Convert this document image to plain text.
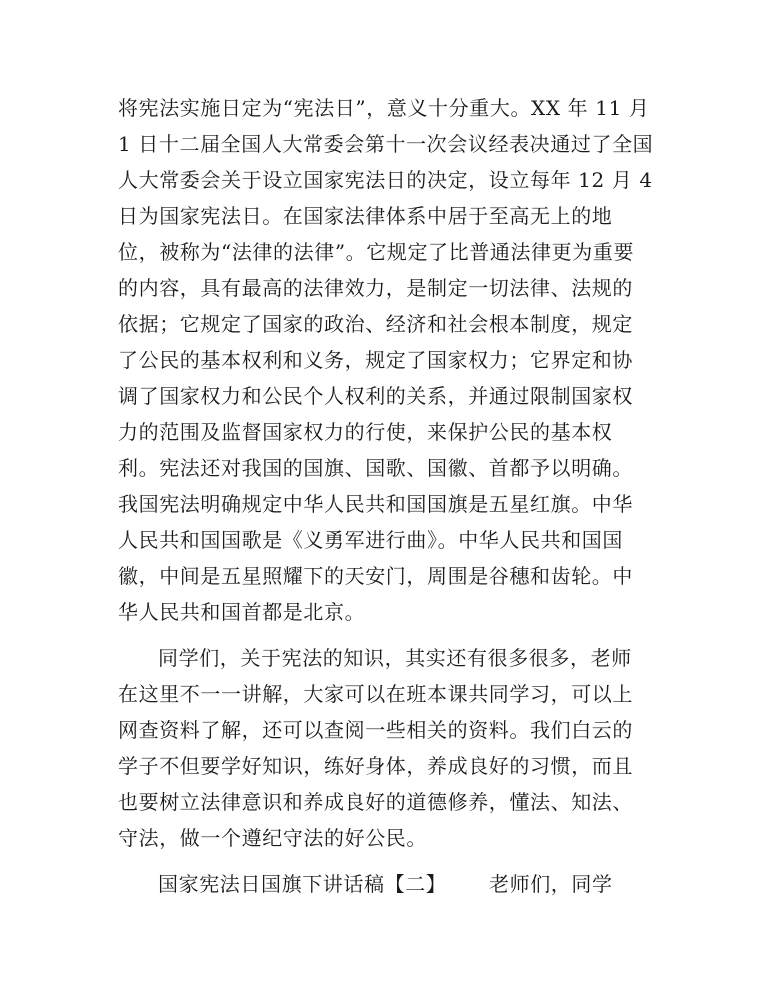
将宪法实施日定为“宪法日”，意义十分重大。XX 年 11 月
1 日十二届全国人大常委会第十一次会议经表决通过了全国
人大常委会关于设立国家宪法日的决定，设立每年 12 月 4
日为国家宪法日。在国家法律体系中居于至高无上的地
位，被称为“法律的法律”。它规定了比普通法律更为重要
的内容，具有最高的法律效力，是制定一切法律、法规的
依据；它规定了国家的政治、经济和社会根本制度，规定
了公民的基本权利和义务，规定了国家权力；它界定和协
调了国家权力和公民个人权利的关系，并通过限制国家权
力的范围及监督国家权力的行使，来保护公民的基本权
利。宪法还对我国的国旗、国歌、国徽、首都予以明确。
我国宪法明确规定中华人民共和国国旗是五星红旗。中华
人民共和国国歌是《义勇军进行曲》。中华人民共和国国
徽，中间是五星照耀下的天安门，周围是谷穗和齿轮。中
华人民共和国首都是北京。
同学们，关于宪法的知识，其实还有很多很多，老师
在这里不一一讲解，大家可以在班本课共同学习，可以上
网查资料了解，还可以查阅一些相关的资料。我们白云的
学子不但要学好知识，练好身体，养成良好的习惯，而且
也要树立法律意识和养成良好的道德修养，懂法、知法、
守法，做一个遵纪守法的好公民。
国家宪法日国旗下讲话稿【二】	老师们，同学
